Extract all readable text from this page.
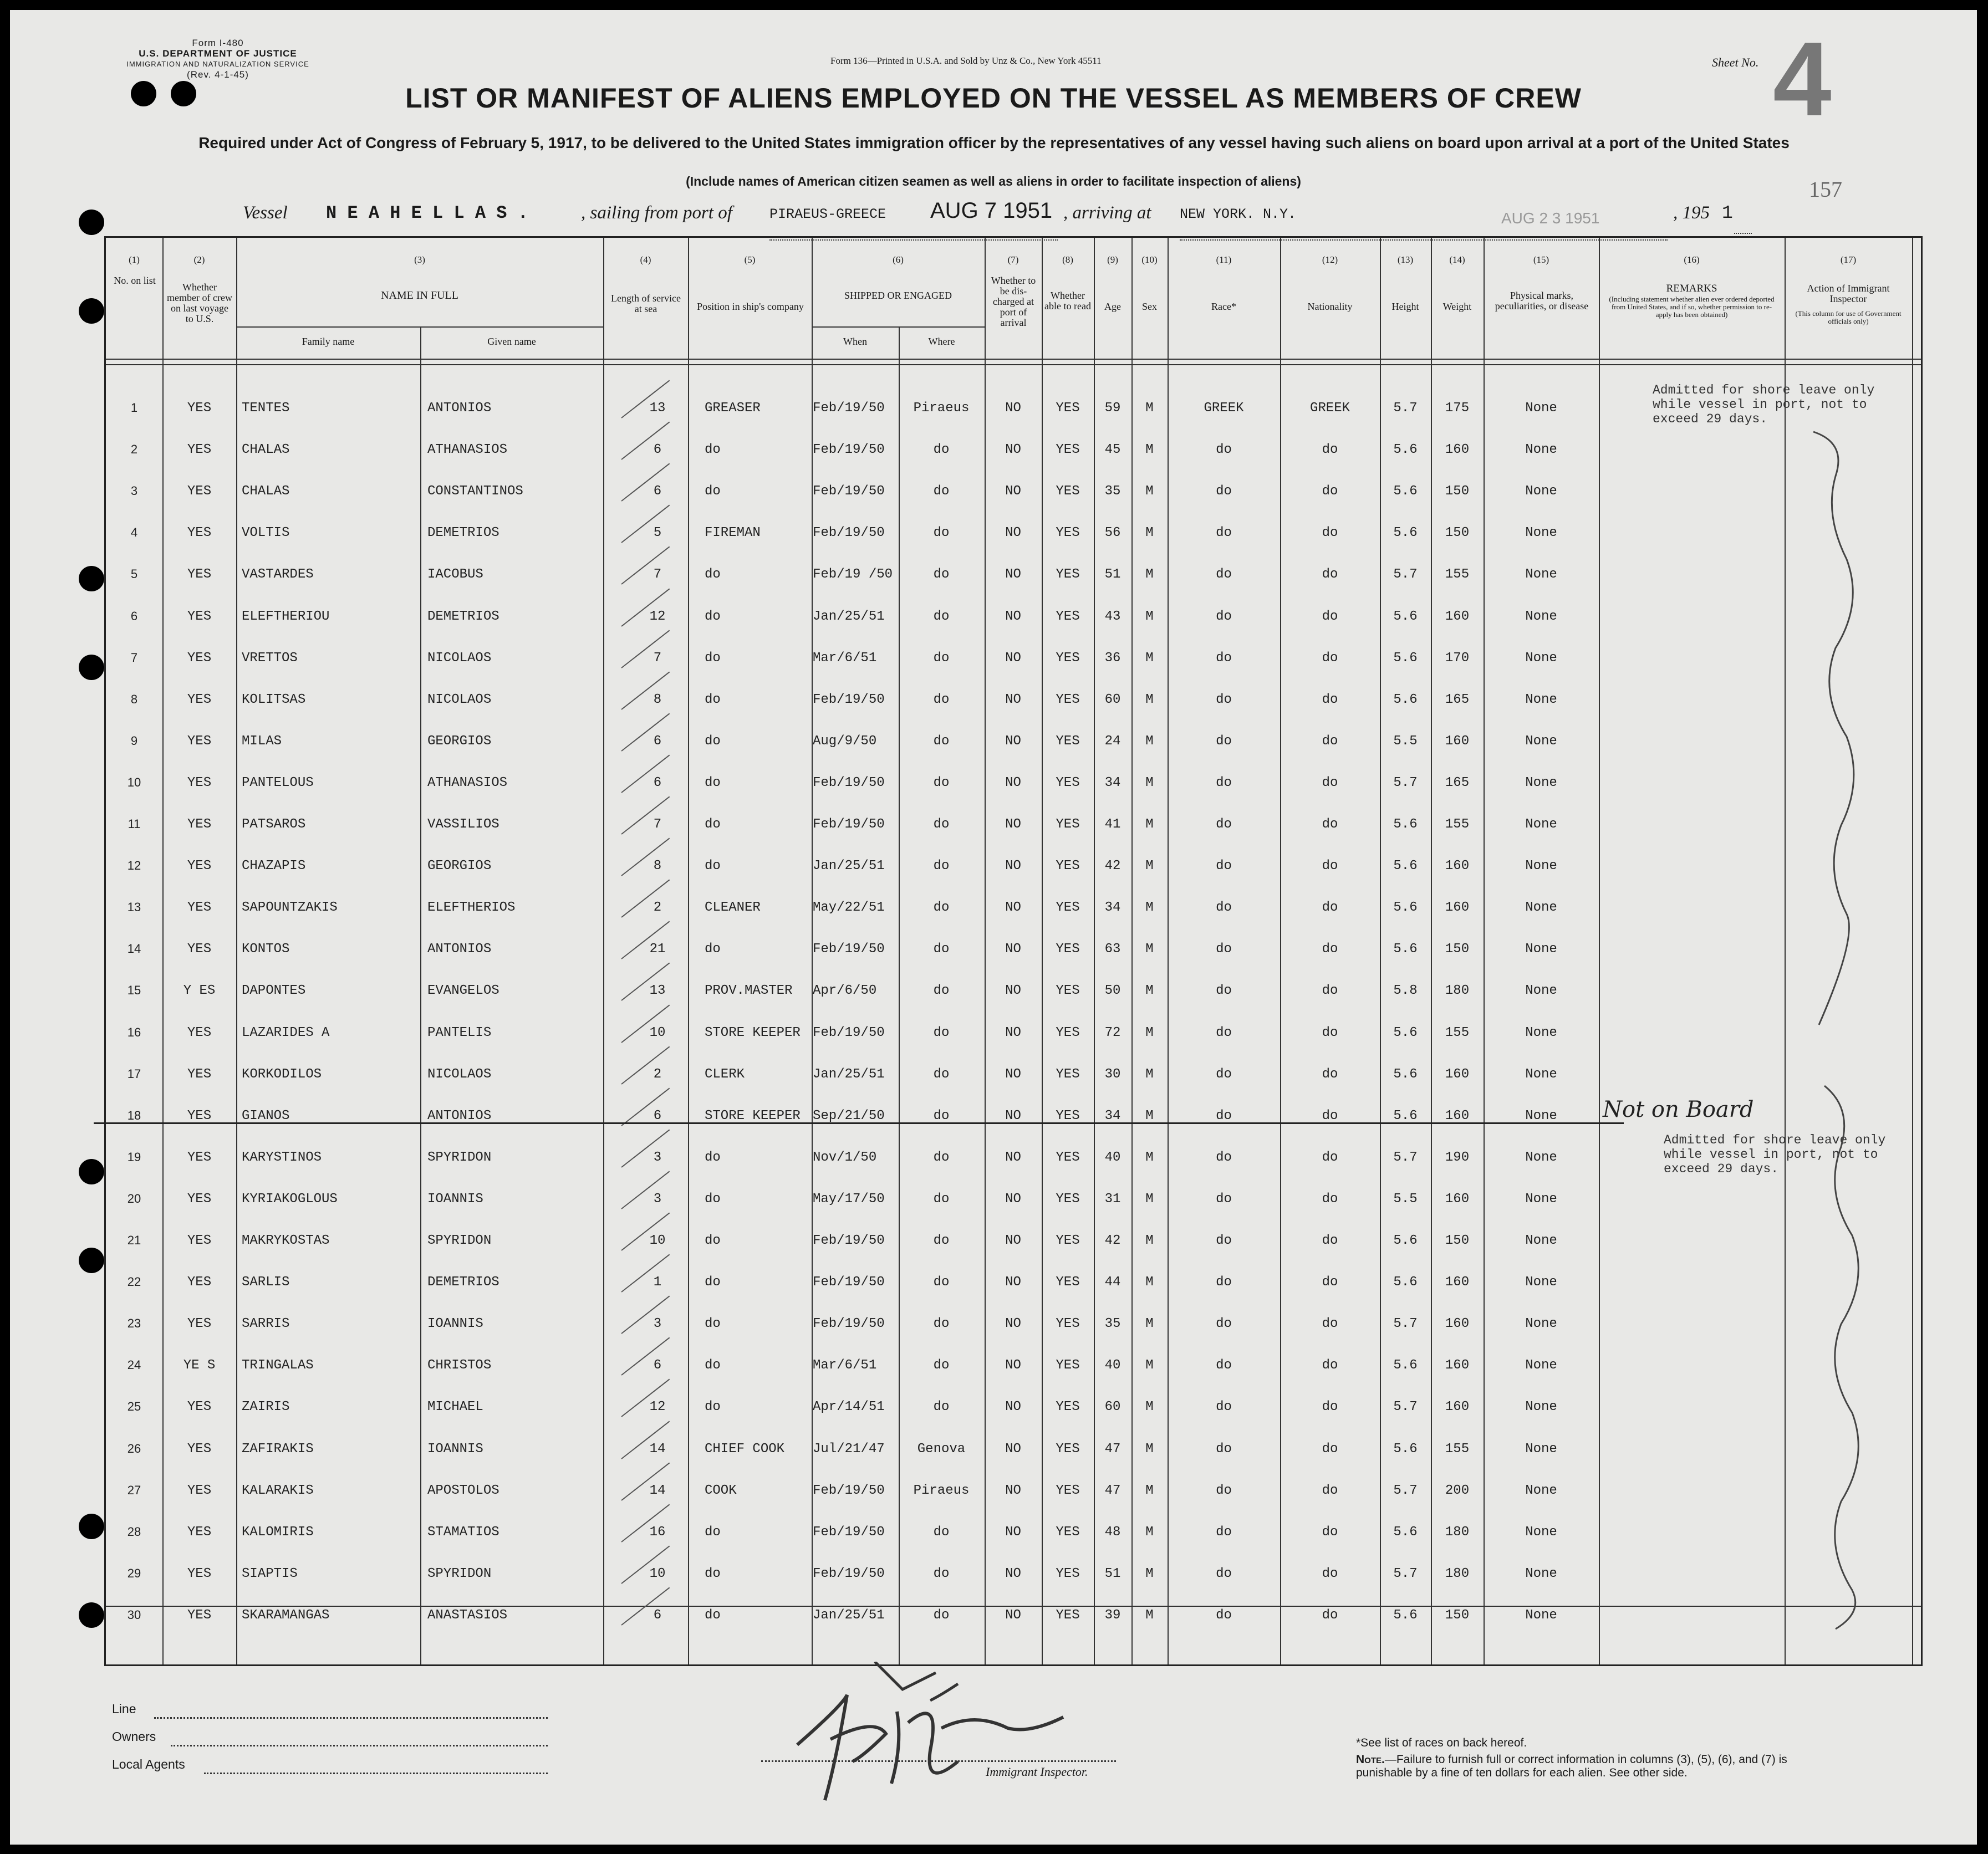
Form I-480
U.S. DEPARTMENT OF JUSTICE
IMMIGRATION AND NATURALIZATION SERVICE
(Rev. 4-1-45)
Form 136—Printed in U.S.A. and Sold by Unz & Co., New York 45511	Sheet No. 4
157
LIST OR MANIFEST OF ALIENS EMPLOYED ON THE VESSEL AS MEMBERS OF CREW
Required under Act of Congress of February 5, 1917, to be delivered to the United States immigration officer by the representatives of any vessel having such aliens on board upon arrival at a port of the United States
(Include names of American citizen seamen as well as aliens in order to facilitate inspection of aliens)
Vessel N E A H E L L A S .	, sailing from port of	PIRAEUS-GREECE	AUG 7 1951 , arriving at NEW YORK. N.Y.	AUG 2 3 1951	, 195 1
(1)	(2)	(3)	(4)	(5)	(6)	(7)	(8)	(9)	(10)	(11)	(12)	(13)	(14)	(15)	(16)	(17)
No. on list
Whether member of crew on last voyage to U.S.
NAME IN FULL
Family name	Given name
Length of service at sea	Position in ship's company
SHIPPED OR ENGAGED
When	Where
Whether to be dis-charged at port of arrival
Whether able to read	Age	Sex	Race*	Nationality	Height	Weight
Physical marks, peculiarities, or disease
REMARKS
(Including statement whether alien ever ordered deported from United States, and if so, whether permission to re-apply has been obtained)
Action of Immigrant Inspector
(This column for use of Government officials only)
1	YES	TENTES	ANTONIOS	13	GREASER	Feb/19/50	Piraeus	NO	YES	59	M	GREEK	GREEK	5.7	175	None
2	YES	CHALAS	ATHANASIOS	6	do	Feb/19/50	do	NO	YES	45	M	do	do	5.6	160	None
3	YES	CHALAS	CONSTANTINOS	6	do	Feb/19/50	do	NO	YES	35	M	do	do	5.6	150	None
4	YES	VOLTIS	DEMETRIOS	5	FIREMAN	Feb/19/50	do	NO	YES	56	M	do	do	5.6	150	None
5	YES	VASTARDES	IACOBUS	7	do	Feb/19 /50	do	NO	YES	51	M	do	do	5.7	155	None
6	YES	ELEFTHERIOU	DEMETRIOS	12	do	Jan/25/51	do	NO	YES	43	M	do	do	5.6	160	None
7	YES	VRETTOS	NICOLAOS	7	do	Mar/6/51	do	NO	YES	36	M	do	do	5.6	170	None
8	YES	KOLITSAS	NICOLAOS	8	do	Feb/19/50	do	NO	YES	60	M	do	do	5.6	165	None
9	YES	MILAS	GEORGIOS	6	do	Aug/9/50	do	NO	YES	24	M	do	do	5.5	160	None
10	YES	PANTELOUS	ATHANASIOS	6	do	Feb/19/50	do	NO	YES	34	M	do	do	5.7	165	None
11	YES	PATSAROS	VASSILIOS	7	do	Feb/19/50	do	NO	YES	41	M	do	do	5.6	155	None
12	YES	CHAZAPIS	GEORGIOS	8	do	Jan/25/51	do	NO	YES	42	M	do	do	5.6	160	None
13	YES	SAPOUNTZAKIS	ELEFTHERIOS	2	CLEANER	May/22/51	do	NO	YES	34	M	do	do	5.6	160	None
14	YES	KONTOS	ANTONIOS	21	do	Feb/19/50	do	NO	YES	63	M	do	do	5.6	150	None
15	Y ES	DAPONTES	EVANGELOS	13	PROV.MASTER	Apr/6/50	do	NO	YES	50	M	do	do	5.8	180	None
16	YES	LAZARIDES A	PANTELIS	10	STORE KEEPER Feb/19/50	do	NO	YES	72	M	do	do	5.6	155	None
17	YES	KORKODILOS	NICOLAOS	2	CLERK	Jan/25/51	do	NO	YES	30	M	do	do	5.6	160	None
18	YES	GIANOS	ANTONIOS	6	STORE KEEPER Sep/21/50	do	NO	YES	34	M	do	do	5.6	160	None
19	YES	KARYSTINOS	SPYRIDON	3	do	Nov/1/50	do	NO	YES	40	M	do	do	5.7	190	None
20	YES	KYRIAKOGLOUS	IOANNIS	3	do	May/17/50	do	NO	YES	31	M	do	do	5.5	160	None
21	YES	MAKRYKOSTAS	SPYRIDON	10	do	Feb/19/50	do	NO	YES	42	M	do	do	5.6	150	None
22	YES	SARLIS	DEMETRIOS	1	do	Feb/19/50	do	NO	YES	44	M	do	do	5.6	160	None
23	YES	SARRIS	IOANNIS	3	do	Feb/19/50	do	NO	YES	35	M	do	do	5.7	160	None
24	YE S	TRINGALAS	CHRISTOS	6	do	Mar/6/51	do	NO	YES	40	M	do	do	5.6	160	None
25	YES	ZAIRIS	MICHAEL	12	do	Apr/14/51	do	NO	YES	60	M	do	do	5.7	160	None
26	YES	ZAFIRAKIS	IOANNIS	14	CHIEF COOK	Jul/21/47	Genova	NO	YES	47	M	do	do	5.6	155	None
27	YES	KALARAKIS	APOSTOLOS	14	COOK	Feb/19/50	Piraeus	NO	YES	47	M	do	do	5.7	200	None
28	YES	KALOMIRIS	STAMATIOS	16	do	Feb/19/50	do	NO	YES	48	M	do	do	5.6	180	None
29	YES	SIAPTIS	SPYRIDON	10	do	Feb/19/50	do	NO	YES	51	M	do	do	5.7	180	None
30	YES	SKARAMANGAS	ANASTASIOS	6	do	Jan/25/51	do	NO	YES	39	M	do	do	5.6	150	None
Admitted for shore leave only while vessel in port, not to exceed 29 days.
Not on Board
Admitted for shore leave only while vessel in port, not to exceed 29 days.
Line
Owners
Local Agents
Immigrant Inspector.
*See list of races on back hereof.
Note.—Failure to furnish full or correct information in columns (3), (5), (6), and (7) is punishable by a fine of ten dollars for each alien. See other side.
